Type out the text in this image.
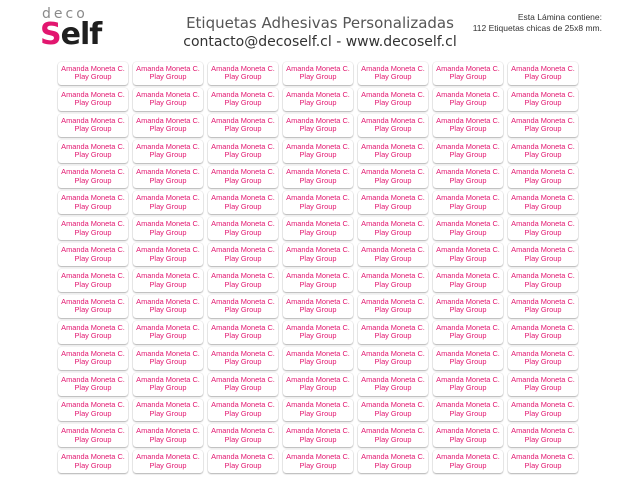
deco
Self	Etiquetas Adhesivas Personalizadas
contacto@decoself.cl - www.decoself.cl
Esta Lámina contiene:
112 Etiquetas chicas de 25x8 mm.
Amanda Moneta C.
Play Group
Amanda Moneta C.
Play Group
Amanda Moneta C.
Play Group
Amanda Moneta C.
Play Group
Amanda Moneta C.
Play Group
Amanda Moneta C.
Play Group
Amanda Moneta C.
Play Group
Amanda Moneta C.
Play Group
Amanda Moneta C.
Play Group
Amanda Moneta C.
Play Group
Amanda Moneta C.
Play Group
Amanda Moneta C.
Play Group
Amanda Moneta C.
Play Group
Amanda Moneta C.
Play Group
Amanda Moneta C.
Play Group
Amanda Moneta C.
Play Group
Amanda Moneta C.
Play Group
Amanda Moneta C.
Play Group
Amanda Moneta C.
Play Group
Amanda Moneta C.
Play Group
Amanda Moneta C.
Play Group
Amanda Moneta C.
Play Group
Amanda Moneta C.
Play Group
Amanda Moneta C.
Play Group
Amanda Moneta C.
Play Group
Amanda Moneta C.
Play Group
Amanda Moneta C.
Play Group
Amanda Moneta C.
Play Group
Amanda Moneta C.
Play Group
Amanda Moneta C.
Play Group
Amanda Moneta C.
Play Group
Amanda Moneta C.
Play Group
Amanda Moneta C.
Play Group
Amanda Moneta C.
Play Group
Amanda Moneta C.
Play Group
Amanda Moneta C.
Play Group
Amanda Moneta C.
Play Group
Amanda Moneta C.
Play Group
Amanda Moneta C.
Play Group
Amanda Moneta C.
Play Group
Amanda Moneta C.
Play Group
Amanda Moneta C.
Play Group
Amanda Moneta C.
Play Group
Amanda Moneta C.
Play Group
Amanda Moneta C.
Play Group
Amanda Moneta C.
Play Group
Amanda Moneta C.
Play Group
Amanda Moneta C.
Play Group
Amanda Moneta C.
Play Group
Amanda Moneta C.
Play Group
Amanda Moneta C.
Play Group
Amanda Moneta C.
Play Group
Amanda Moneta C.
Play Group
Amanda Moneta C.
Play Group
Amanda Moneta C.
Play Group
Amanda Moneta C.
Play Group
Amanda Moneta C.
Play Group
Amanda Moneta C.
Play Group
Amanda Moneta C.
Play Group
Amanda Moneta C.
Play Group
Amanda Moneta C.
Play Group
Amanda Moneta C.
Play Group
Amanda Moneta C.
Play Group
Amanda Moneta C.
Play Group
Amanda Moneta C.
Play Group
Amanda Moneta C.
Play Group
Amanda Moneta C.
Play Group
Amanda Moneta C.
Play Group
Amanda Moneta C.
Play Group
Amanda Moneta C.
Play Group
Amanda Moneta C.
Play Group
Amanda Moneta C.
Play Group
Amanda Moneta C.
Play Group
Amanda Moneta C.
Play Group
Amanda Moneta C.
Play Group
Amanda Moneta C.
Play Group
Amanda Moneta C.
Play Group
Amanda Moneta C.
Play Group
Amanda Moneta C.
Play Group
Amanda Moneta C.
Play Group
Amanda Moneta C.
Play Group
Amanda Moneta C.
Play Group
Amanda Moneta C.
Play Group
Amanda Moneta C.
Play Group
Amanda Moneta C.
Play Group
Amanda Moneta C.
Play Group
Amanda Moneta C.
Play Group
Amanda Moneta C.
Play Group
Amanda Moneta C.
Play Group
Amanda Moneta C.
Play Group
Amanda Moneta C.
Play Group
Amanda Moneta C.
Play Group
Amanda Moneta C.
Play Group
Amanda Moneta C.
Play Group
Amanda Moneta C.
Play Group
Amanda Moneta C.
Play Group
Amanda Moneta C.
Play Group
Amanda Moneta C.
Play Group
Amanda Moneta C.
Play Group
Amanda Moneta C.
Play Group
Amanda Moneta C.
Play Group
Amanda Moneta C.
Play Group
Amanda Moneta C.
Play Group
Amanda Moneta C.
Play Group
Amanda Moneta C.
Play Group
Amanda Moneta C.
Play Group
Amanda Moneta C.
Play Group
Amanda Moneta C.
Play Group
Amanda Moneta C.
Play Group
Amanda Moneta C.
Play Group
Amanda Moneta C.
Play Group
Amanda Moneta C.
Play Group
